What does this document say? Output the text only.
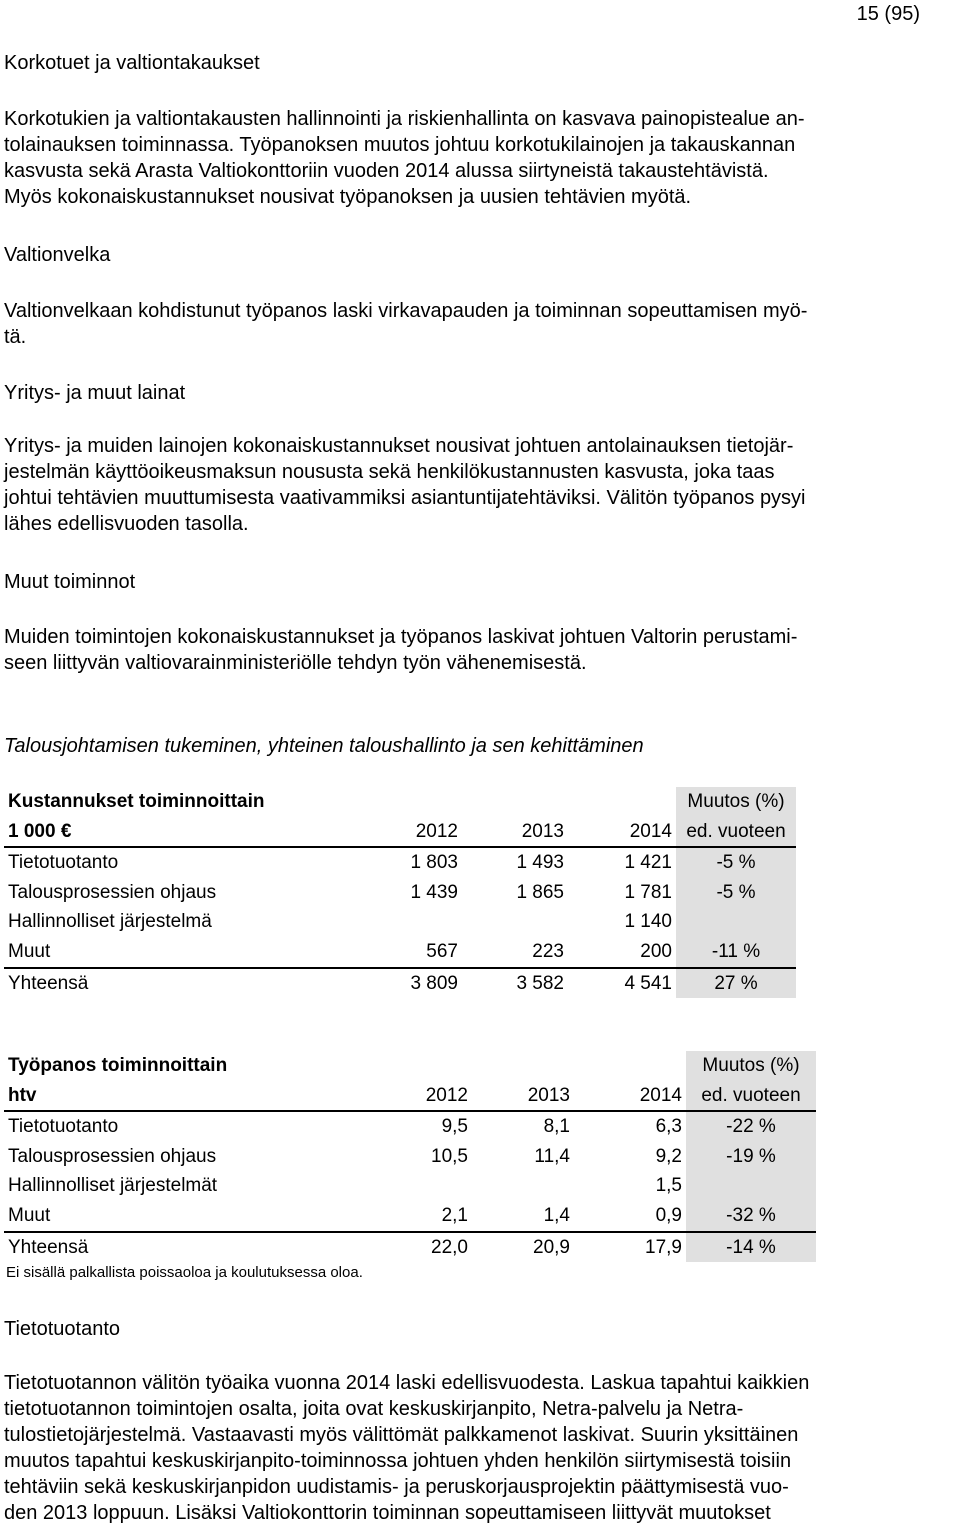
15 (95)

Korkotuet ja valtiontakaukset

Korkotukien ja valtiontakausten hallinnointi ja riskienhallinta on kasvava painopistealue an-

tolainauksen toiminnassa. Työpanoksen muutos johtuu korkotukilainojen ja takauskannan

kasvusta sekä Arasta Valtiokonttoriin vuoden 2014 alussa siirtyneistä takaustehtävistä.

Myös kokonaiskustannukset nousivat työpanoksen ja uusien tehtävien myötä.

Valtionvelka

Valtionvelkaan kohdistunut työpanos laski virkavapauden ja toiminnan sopeuttamisen myö-

tä.

Yritys- ja muut lainat

Yritys- ja muiden lainojen kokonaiskustannukset nousivat johtuen antolainauksen tietojär-

jestelmän käyttöoikeusmaksun noususta sekä henkilökustannusten kasvusta, joka taas

johtui tehtävien muuttumisesta vaativammiksi asiantuntijatehtäviksi. Välitön työpanos pysyi

lähes edellisvuoden tasolla.

Muut toiminnot

Muiden toimintojen kokonaiskustannukset ja työpanos laskivat johtuen Valtorin perustami-

seen liittyvän valtiovarainministeriölle tehdyn työn vähenemisestä.

Talousjohtamisen tukeminen, yhteinen taloushallinto ja sen kehittäminen

Kustannukset toiminnoittain				Muutos (%)
1 000 €	2012	2013	2014	ed. vuoteen
Tietotuotanto	1 803	1 493	1 421	-5 %
Talousprosessien ohjaus	1 439	1 865	1 781	-5 %
Hallinnolliset järjestelmä			1 140	
Muut	567	223	200	-11 %
Yhteensä	3 809	3 582	4 541	27 %
Työpanos toiminnoittain				Muutos (%)
htv	2012	2013	2014	ed. vuoteen
Tietotuotanto	9,5	8,1	6,3	-22 %
Talousprosessien ohjaus	10,5	11,4	9,2	-19 %
Hallinnolliset järjestelmät			1,5	
Muut	2,1	1,4	0,9	-32 %
Yhteensä	22,0	20,9	17,9	-14 %
Ei sisällä palkallista poissaoloa ja koulutuksessa oloa.

Tietotuotanto

Tietotuotannon välitön työaika vuonna 2014 laski edellisvuodesta. Laskua tapahtui kaikkien

tietotuotannon toimintojen osalta, joita ovat keskuskirjanpito, Netra-palvelu ja Netra-

tulostietojärjestelmä. Vastaavasti myös välittömät palkkamenot laskivat. Suurin yksittäinen

muutos tapahtui keskuskirjanpito-toiminnossa johtuen yhden henkilön siirtymisestä toisiin

tehtäviin sekä keskuskirjanpidon uudistamis- ja peruskorjausprojektin päättymisestä vuo-

den 2013 loppuun. Lisäksi Valtiokonttorin toiminnan sopeuttamiseen liittyvät muutokset
